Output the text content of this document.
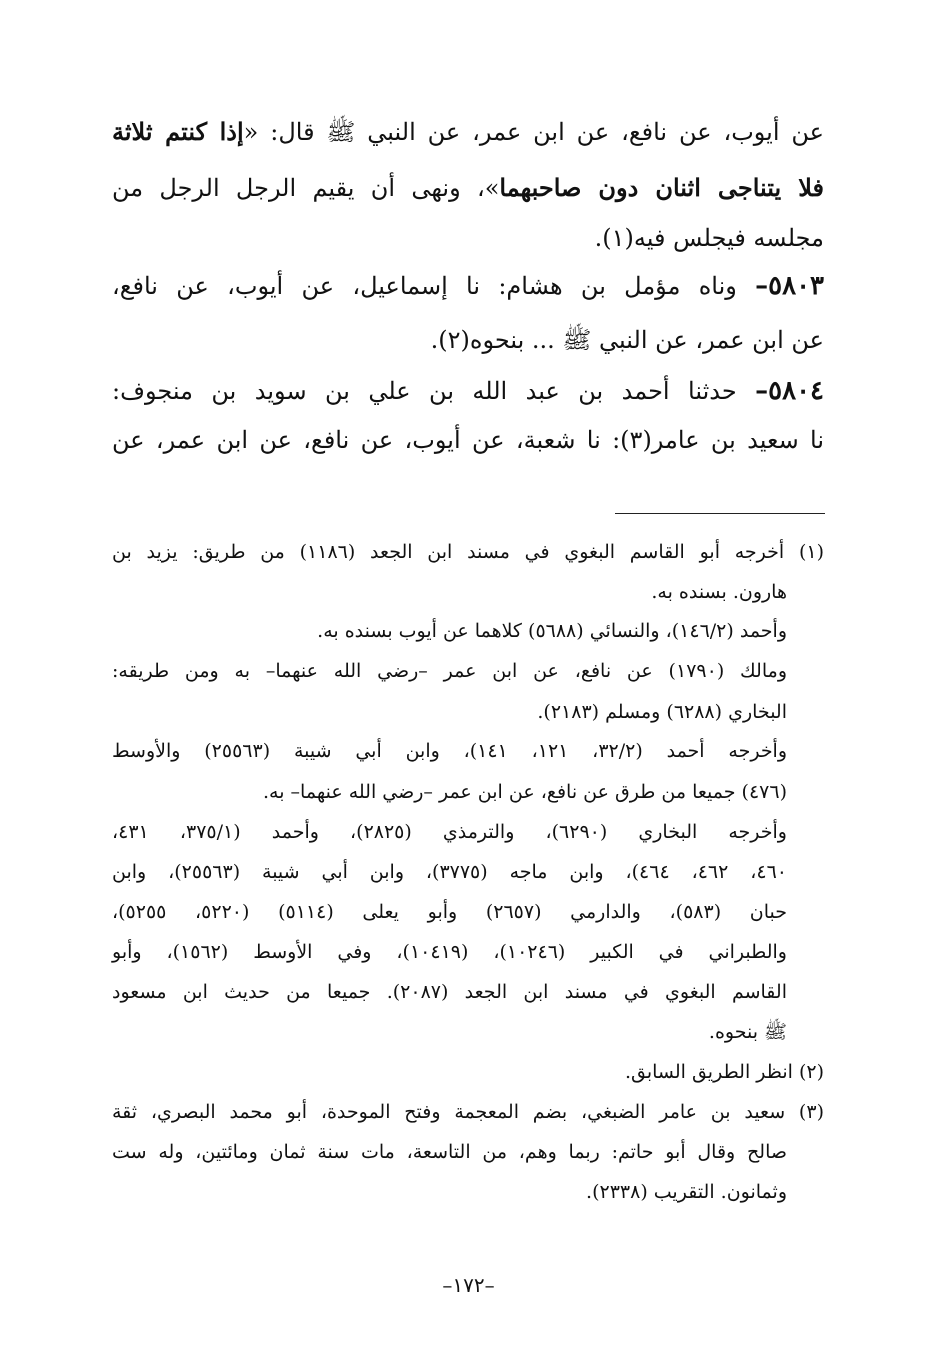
عن أيوب، عن نافع، عن ابن عمر، عن النبي ﷺ قال: «إذا كنتم ثلاثة
فلا يتناجى اثنان دون صاحبهما»، ونهى أن يقيم الرجل الرجل من
مجلسه فيجلس فيه(١).
٥٨٠٣– وناه مؤمل بن هشام: نا إسماعيل، عن أيوب، عن نافع،
عن ابن عمر، عن النبي ﷺ ... بنحوه(٢).
٥٨٠٤– حدثنا أحمد بن عبد الله بن علي بن سويد بن منجوف:
نا سعيد بن عامر(٣): نا شعبة، عن أيوب، عن نافع، عن ابن عمر، عن
(١) أخرجه أبو القاسم البغوي في مسند ابن الجعد (١١٨٦) من طريق: يزيد بن
هارون. بسنده به.
وأحمد (١٤٦/٢)، والنسائي (٥٦٨٨) كلاهما عن أيوب بسنده به.
ومالك (١٧٩٠) عن نافع، عن ابن عمر –رضي الله عنهما– به ومن طريقه:
البخاري (٦٢٨٨) ومسلم (٢١٨٣).
وأخرجه أحمد (٣٢/٢، ١٢١، ١٤١)، وابن أبي شيبة (٢٥٥٦٣) والأوسط
(٤٧٦) جميعا من طرق عن نافع، عن ابن عمر –رضي الله عنهما– به.
وأخرجه البخاري (٦٢٩٠)، والترمذي (٢٨٢٥)، وأحمد (٣٧٥/١، ٤٣١،
٤٦٠، ٤٦٢، ٤٦٤)، وابن ماجه (٣٧٧٥)، وابن أبي شيبة (٢٥٥٦٣)، وابن
حبان (٥٨٣)، والدارمي (٢٦٥٧) وأبو يعلى (٥١١٤) (٥٢٢٠، ٥٢٥٥)،
والطبراني في الكبير (١٠٢٤٦)، (١٠٤١٩)، وفي الأوسط (١٥٦٢)، وأبو
القاسم البغوي في مسند ابن الجعد (٢٠٨٧). جميعا من حديث ابن مسعود
ﷺ بنحوه.
(٢) انظر الطريق السابق.
(٣) سعيد بن عامر الضبغي، بضم المعجمة وفتح الموحدة، أبو محمد البصري، ثقة
صالح وقال أبو حاتم: ربما وهم، من التاسعة، مات سنة ثمان ومائتين، وله ست
وثمانون. التقريب (٢٣٣٨).
–١٧٢–
